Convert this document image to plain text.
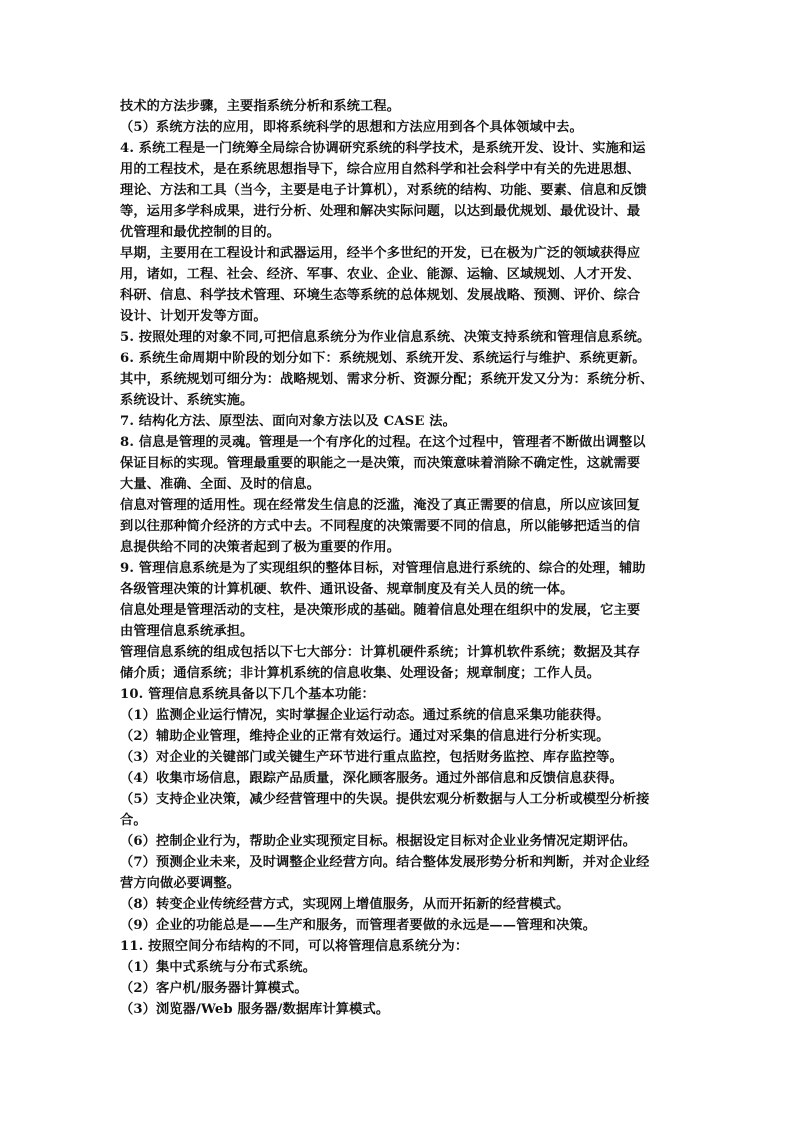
技术的方法步骤，主要指系统分析和系统工程。
（5）系统方法的应用，即将系统科学的思想和方法应用到各个具体领域中去。
4. 系统工程是一门统筹全局综合协调研究系统的科学技术，是系统开发、设计、实施和运
用的工程技术，是在系统思想指导下，综合应用自然科学和社会科学中有关的先进思想、
理论、方法和工具（当今，主要是电子计算机），对系统的结构、功能、要素、信息和反馈
等，运用多学科成果，进行分析、处理和解决实际问题，以达到最优规划、最优设计、最
优管理和最优控制的目的。
早期，主要用在工程设计和武器运用，经半个多世纪的开发，已在极为广泛的领域获得应
用，诸如，工程、社会、经济、军事、农业、企业、能源、运输、区域规划、人才开发、
科研、信息、科学技术管理、环境生态等系统的总体规划、发展战略、预测、评价、综合
设计、计划开发等方面。
5. 按照处理的对象不同,可把信息系统分为作业信息系统、决策支持系统和管理信息系统。
6. 系统生命周期中阶段的划分如下：系统规划、系统开发、系统运行与维护、系统更新。
其中，系统规划可细分为：战略规划、需求分析、资源分配；系统开发又分为：系统分析、
系统设计、系统实施。
7. 结构化方法、原型法、面向对象方法以及 CASE 法。
8. 信息是管理的灵魂。管理是一个有序化的过程。在这个过程中，管理者不断做出调整以
保证目标的实现。管理最重要的职能之一是决策，而决策意味着消除不确定性，这就需要
大量、准确、全面、及时的信息。
信息对管理的适用性。现在经常发生信息的泛滥，淹没了真正需要的信息，所以应该回复
到以往那种简介经济的方式中去。不同程度的决策需要不同的信息，所以能够把适当的信
息提供给不同的决策者起到了极为重要的作用。
9. 管理信息系统是为了实现组织的整体目标，对管理信息进行系统的、综合的处理，辅助
各级管理决策的计算机硬、软件、通讯设备、规章制度及有关人员的统一体。
信息处理是管理活动的支柱，是决策形成的基础。随着信息处理在组织中的发展，它主要
由管理信息系统承担。
管理信息系统的组成包括以下七大部分：计算机硬件系统；计算机软件系统；数据及其存
储介质；通信系统；非计算机系统的信息收集、处理设备；规章制度；工作人员。
10. 管理信息系统具备以下几个基本功能：
（1）监测企业运行情况，实时掌握企业运行动态。通过系统的信息采集功能获得。
（2）辅助企业管理，维持企业的正常有效运行。通过对采集的信息进行分析实现。
（3）对企业的关键部门或关键生产环节进行重点监控，包括财务监控、库存监控等。
（4）收集市场信息，跟踪产品质量，深化顾客服务。通过外部信息和反馈信息获得。
（5）支持企业决策，减少经营管理中的失误。提供宏观分析数据与人工分析或模型分析接
合。
（6）控制企业行为，帮助企业实现预定目标。根据设定目标对企业业务情况定期评估。
（7）预测企业未来，及时调整企业经营方向。结合整体发展形势分析和判断，并对企业经
营方向做必要调整。
（8）转变企业传统经营方式，实现网上增值服务，从而开拓新的经营模式。
（9）企业的功能总是——生产和服务，而管理者要做的永远是——管理和决策。
11. 按照空间分布结构的不同，可以将管理信息系统分为：
（1）集中式系统与分布式系统。
（2）客户机/服务器计算模式。
（3）浏览器/Web 服务器/数据库计算模式。
